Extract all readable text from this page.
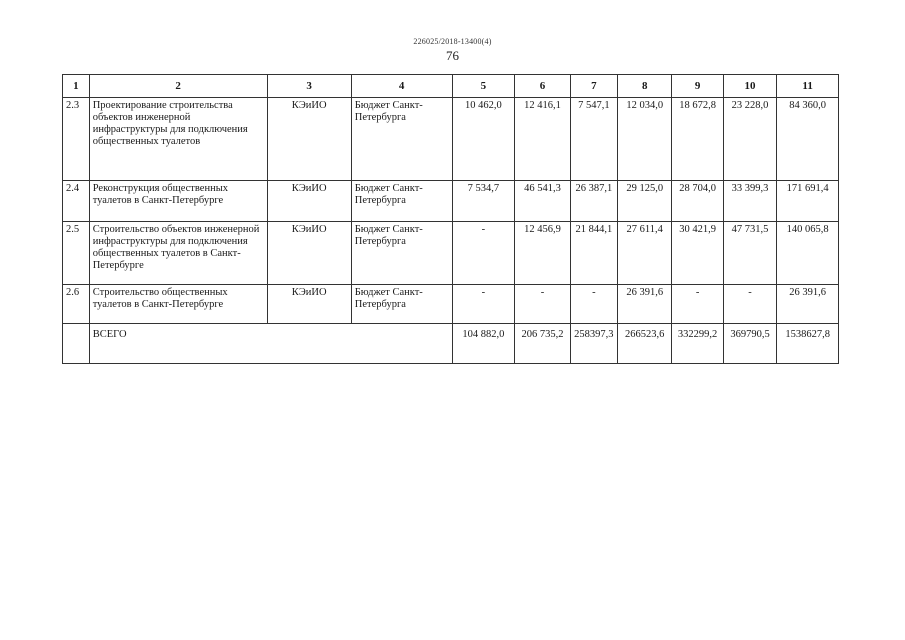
226025/2018-13400(4)
76
1	2	3	4	5	6	7	8	9	10	11
2.3	Проектирование строительства объектов инженерной инфраструктуры для подключения общественных туалетов	КЭиИО	Бюджет Санкт-Петербурга	10 462,0	12 416,1	7 547,1	12 034,0	18 672,8	23 228,0	84 360,0
2.4	Реконструкция общественных туалетов в Санкт-Петербурге	КЭиИО	Бюджет Санкт-Петербурга	7 534,7	46 541,3	26 387,1	29 125,0	28 704,0	33 399,3	171 691,4
2.5	Строительство объектов инженерной инфраструктуры для подключения общественных туалетов в Санкт-Петербурге	КЭиИО	Бюджет Санкт-Петербурга	-	12 456,9	21 844,1	27 611,4	30 421,9	47 731,5	140 065,8
2.6	Строительство общественных туалетов в Санкт-Петербурге	КЭиИО	Бюджет Санкт-Петербурга	-	-	-	26 391,6	-	-	26 391,6
	ВСЕГО			104 882,0	206 735,2	258397,3	266523,6	332299,2	369790,5	1538627,8
